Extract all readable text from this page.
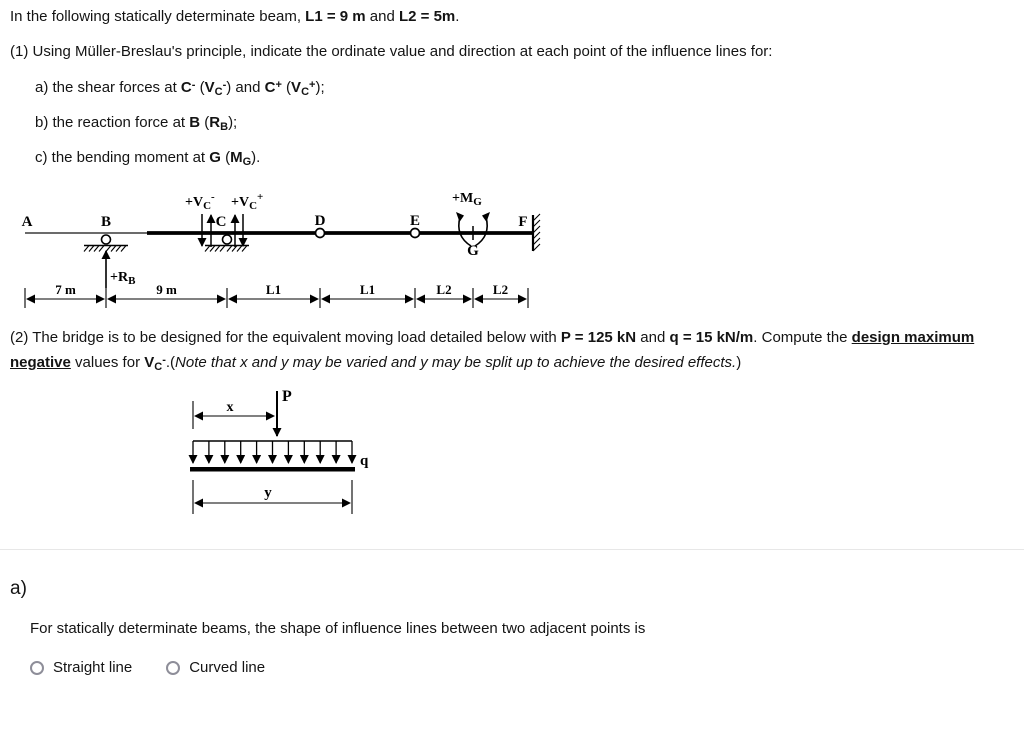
In the following statically determinate beam, L1 = 9 m and L2 = 5m.
(1) Using Müller-Breslau's principle, indicate the ordinate value and direction at each point of the influence lines for:
a) the shear forces at C- $(V_C^-)$ and C+ $(V_C^+)$;
b) the reaction force at B $(R_B)$;
c) the bending moment at G $(M_G)$.
A	B	C	D	E	F
G
$+R_B$
$+V_C^- +V_C^+$	$+M_G$
7 m	9 m	L1	L1	L2	L2
(2) The bridge is to be designed for the equivalent moving load detailed below with P = 125 kN and q = 15 kN/m. Compute the design maximum negative values for $V_C^-.(Note$ that x and y may be varied and y may be split up to achieve the desired effects.)
P
x
q
y
a)
For statically determinate beams, the shape of influence lines between two adjacent points is
Straight line	Curved line
